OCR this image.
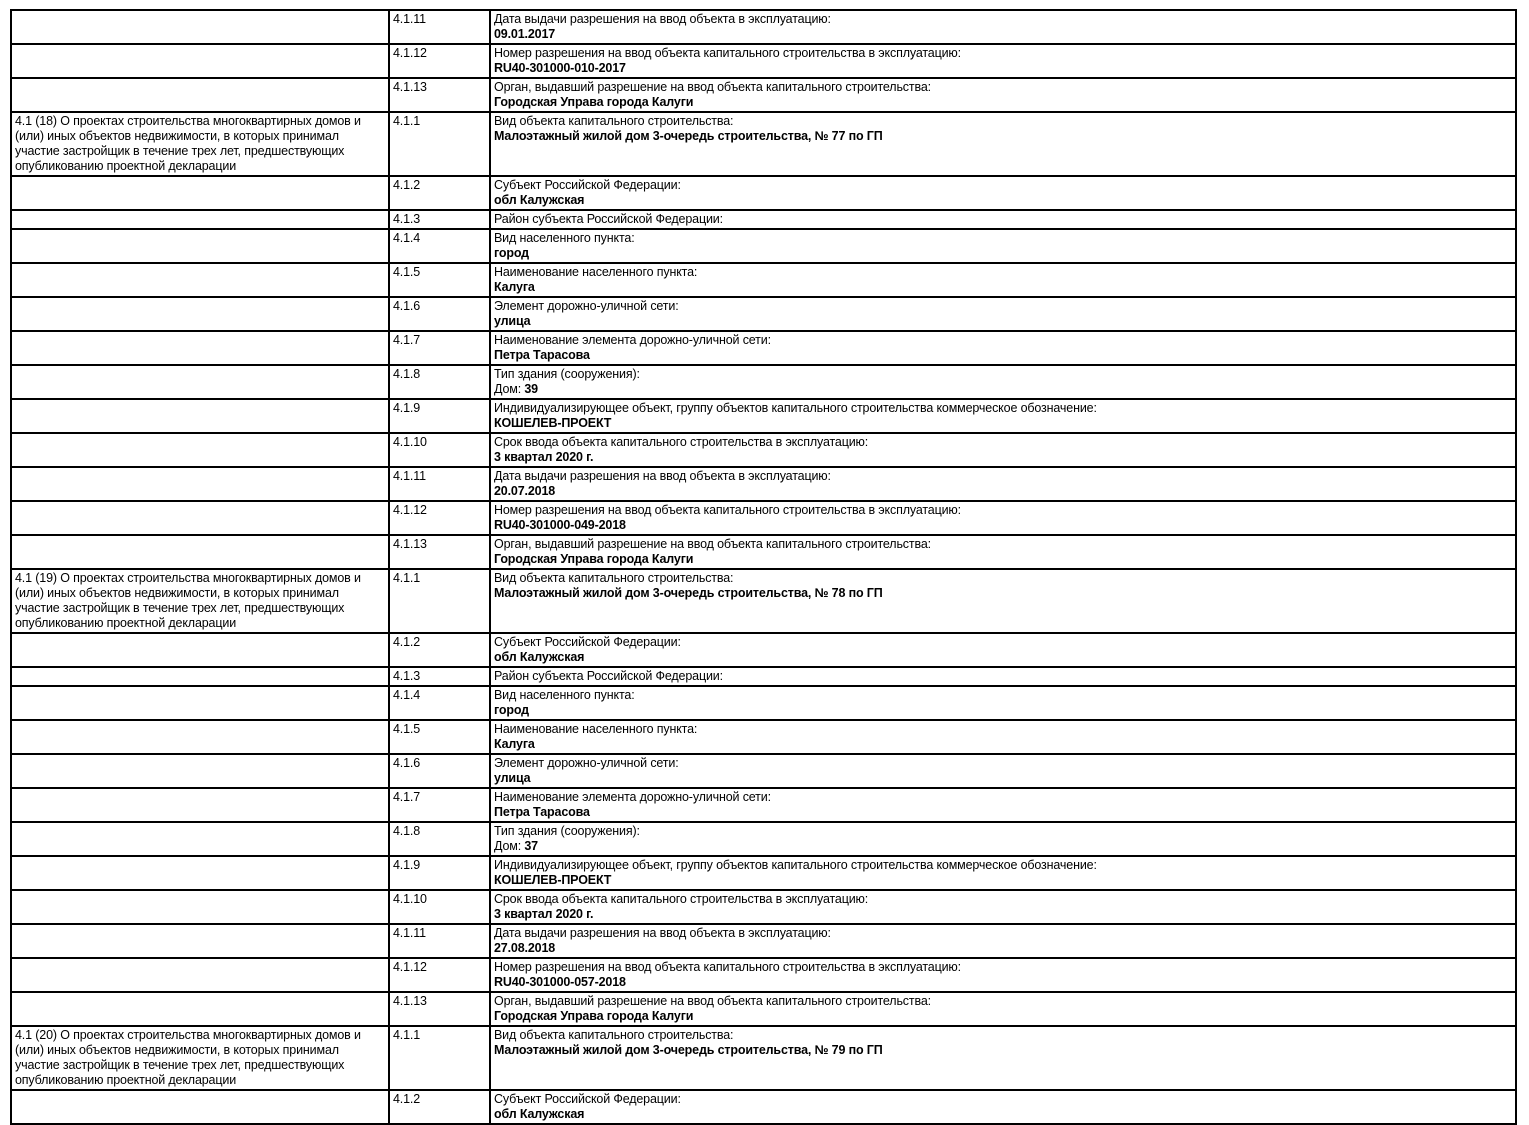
	4.1.11	Дата выдачи разрешения на ввод объекта в эксплуатацию:
09.01.2017

	4.1.12	Номер разрешения на ввод объекта капитального строительства в эксплуатацию:
RU40-301000-010-2017

	4.1.13	Орган, выдавший разрешение на ввод объекта капитального строительства:
Городская Управа города Калуги

4.1 (18) О проектах строительства многоквартирных домов и (или) иных объектов недвижимости, в которых принимал участие застройщик в течение трех лет, предшествующих опубликованию проектной декларации	4.1.1	Вид объекта капитального строительства:
Малоэтажный жилой дом 3-очередь строительства, № 77 по ГП

	4.1.2	Субъект Российской Федерации:
обл Калужская

	4.1.3	Район субъекта Российской Федерации:

	4.1.4	Вид населенного пункта:
город

	4.1.5	Наименование населенного пункта:
Калуга

	4.1.6	Элемент дорожно-уличной сети:
улица

	4.1.7	Наименование элемента дорожно-уличной сети:
Петра Тарасова

	4.1.8	Тип здания (сооружения):
Дом: 39

	4.1.9	Индивидуализирующее объект, группу объектов капитального строительства коммерческое обозначение:
КОШЕЛЕВ-ПРОЕКТ

	4.1.10	Срок ввода объекта капитального строительства в эксплуатацию:
3 квартал 2020 г.

	4.1.11	Дата выдачи разрешения на ввод объекта в эксплуатацию:
20.07.2018

	4.1.12	Номер разрешения на ввод объекта капитального строительства в эксплуатацию:
RU40-301000-049-2018

	4.1.13	Орган, выдавший разрешение на ввод объекта капитального строительства:
Городская Управа города Калуги

4.1 (19) О проектах строительства многоквартирных домов и (или) иных объектов недвижимости, в которых принимал участие застройщик в течение трех лет, предшествующих опубликованию проектной декларации	4.1.1	Вид объекта капитального строительства:
Малоэтажный жилой дом 3-очередь строительства, № 78 по ГП

	4.1.2	Субъект Российской Федерации:
обл Калужская

	4.1.3	Район субъекта Российской Федерации:

	4.1.4	Вид населенного пункта:
город

	4.1.5	Наименование населенного пункта:
Калуга

	4.1.6	Элемент дорожно-уличной сети:
улица

	4.1.7	Наименование элемента дорожно-уличной сети:
Петра Тарасова

	4.1.8	Тип здания (сооружения):
Дом: 37

	4.1.9	Индивидуализирующее объект, группу объектов капитального строительства коммерческое обозначение:
КОШЕЛЕВ-ПРОЕКТ

	4.1.10	Срок ввода объекта капитального строительства в эксплуатацию:
3 квартал 2020 г.

	4.1.11	Дата выдачи разрешения на ввод объекта в эксплуатацию:
27.08.2018

	4.1.12	Номер разрешения на ввод объекта капитального строительства в эксплуатацию:
RU40-301000-057-2018

	4.1.13	Орган, выдавший разрешение на ввод объекта капитального строительства:
Городская Управа города Калуги

4.1 (20) О проектах строительства многоквартирных домов и (или) иных объектов недвижимости, в которых принимал участие застройщик в течение трех лет, предшествующих опубликованию проектной декларации	4.1.1	Вид объекта капитального строительства:
Малоэтажный жилой дом 3-очередь строительства, № 79 по ГП

	4.1.2	Субъект Российской Федерации:
обл Калужская
